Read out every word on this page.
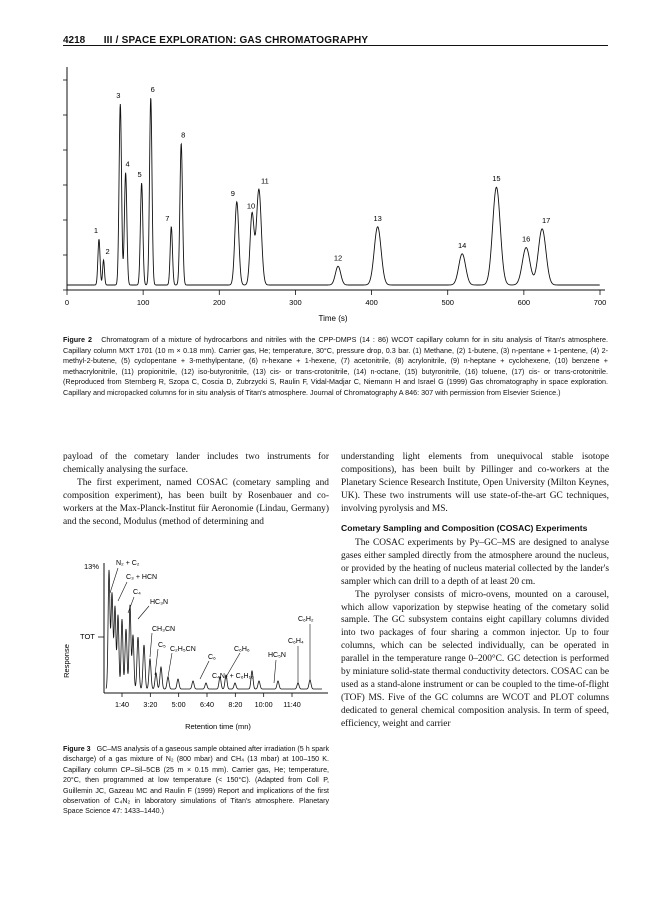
4218 III / SPACE EXPLORATION: GAS CHROMATOGRAPHY
0	100	200	300	400	500	600	700
1
2
3
4
5
6
7
8
9
10
11
12
13
14
15
16
17
Time (s)
Figure 2 Chromatogram of a mixture of hydrocarbons and nitriles with the CPP-DMPS (14 : 86) WCOT capillary column for in situ analysis of Titan's atmosphere. Capillary column MXT 1701 (10 m × 0.18 mm). Carrier gas, He; temperature, 30°C, pressure drop, 0.3 bar. (1) Methane, (2) 1-butene, (3) n-pentane + 1-pentene, (4) 2-methyl-2-butene, (5) cyclopentane + 3-methylpentane, (6) n-hexane + 1-hexene, (7) acetonitrile, (8) acrylonitrile, (9) n-heptane + cyclohexene, (10) benzene + methacrylonitrile, (11) propionitrile, (12) iso-butyronitrile, (13) cis- or trans-crotonitrile, (14) n-octane, (15) butyronitrile, (16) toluene, (17) cis- or trans-crotonitrile. (Reproduced from Sternberg R, Szopa C, Coscia D, Zubrzycki S, Raulin F, Vidal-Madjar C, Niemann H and Israel G (1999) Gas chromatography in space exploration. Capillary and micropacked columns for in situ analysis of Titan's atmosphere. Journal of Chromatography A 846: 307 with permission from Elsevier Science.)

payload of the cometary lander includes two instruments for chemically analysing the surface.

The first experiment, named COSAC (cometary sampling and composition experiment), has been built by Rosenbauer and co-workers at the Max-Planck-Institut für Aeronomie (Lindau, Germany) and the second, Modulus (method of determining and

Response
13%
TOT
N₂ + C₂
C₃ + HCN
C₄
HC₃N
CH₃CN
C₅
C₂H₅CN
C₆
C₆H₆
C₆H₄
HC₅N
C₆H₂
C₄N₂ + C₆H₁₀
1:40 3:20 5:00 6:40 8:20 10:00 11:40
Retention time (mn)
Figure 3 GC–MS analysis of a gaseous sample obtained after irradiation (5 h spark discharge) of a gas mixture of N₂ (800 mbar) and CH₄ (13 mbar) at 100–150 K. Capillary column CP–Sil–5CB (25 m × 0.15 mm). Carrier gas, He; temperature, 20°C, then programmed at low temperature (< 150°C). (Adapted from Coll P, Guillemin JC, Gazeau MC and Raulin F (1999) Report and implications of the first observation of C₄N₂ in laboratory simulations of Titan's atmosphere. Planetary Space Science 47: 1433–1440.)

understanding light elements from unequivocal stable isotope compositions), has been built by Pillinger and co-workers at the Planetary Science Research Institute, Open University (Milton Keynes, UK). These two instruments will use state-of-the-art GC techniques, involving pyrolysis and MS.

Cometary Sampling and Composition (COSAC) Experiments

The COSAC experiments by Py–GC–MS are designed to analyse gases either sampled directly from the atmosphere around the nucleus, or provided by the heating of nucleus material collected by the lander's sampler which can drill to a depth of at least 20 cm.

The pyrolyser consists of micro-ovens, mounted on a carousel, which allow vaporization by stepwise heating of the cometary solid sample. The GC subsystem contains eight capillary columns divided into two packages of four sharing a common injector. Up to four columns, which can be selected individually, can be operated in parallel in the temperature range 0–200°C. GC detection is performed by miniature solid-state thermal conductivity detectors. COSAC can be used as a stand-alone instrument or can be coupled to the time-of-flight (TOF) MS. Five of the GC columns are WCOT and PLOT columns dedicated to general chemical composition analysis. In term of speed, efficiency, weight and carrier
